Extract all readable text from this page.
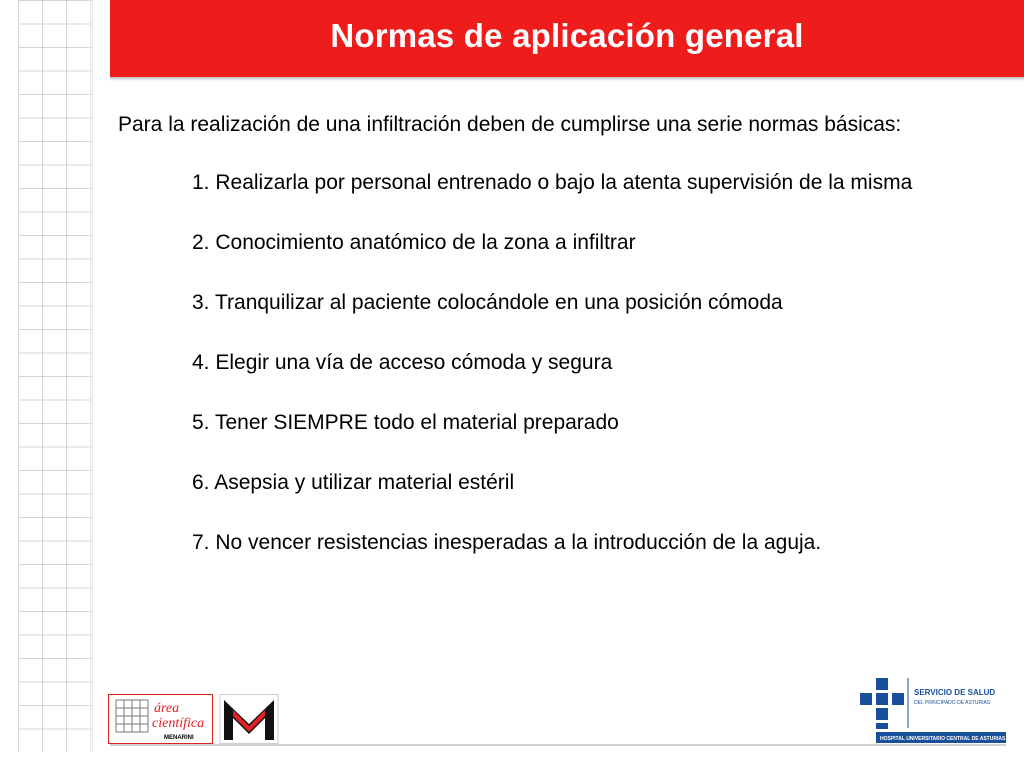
Normas de aplicación general

Para la realización de una infiltración deben de cumplirse una serie normas básicas:

1. Realizarla por personal entrenado o bajo la atenta supervisión de la misma

2. Conocimiento anatómico de la zona a infiltrar

3. Tranquilizar al paciente colocándole en una posición cómoda

4. Elegir una vía de acceso cómoda y segura

5. Tener SIEMPRE todo el material preparado

6. Asepsia y utilizar material estéril

7. No vencer resistencias inesperadas a la introducción de la aguja.

área
científica
MENARINI
SERVICIO DE SALUD
DEL PRINCIPADO DE ASTURIAS
HOSPITAL UNIVERSITARIO CENTRAL DE ASTURIAS
